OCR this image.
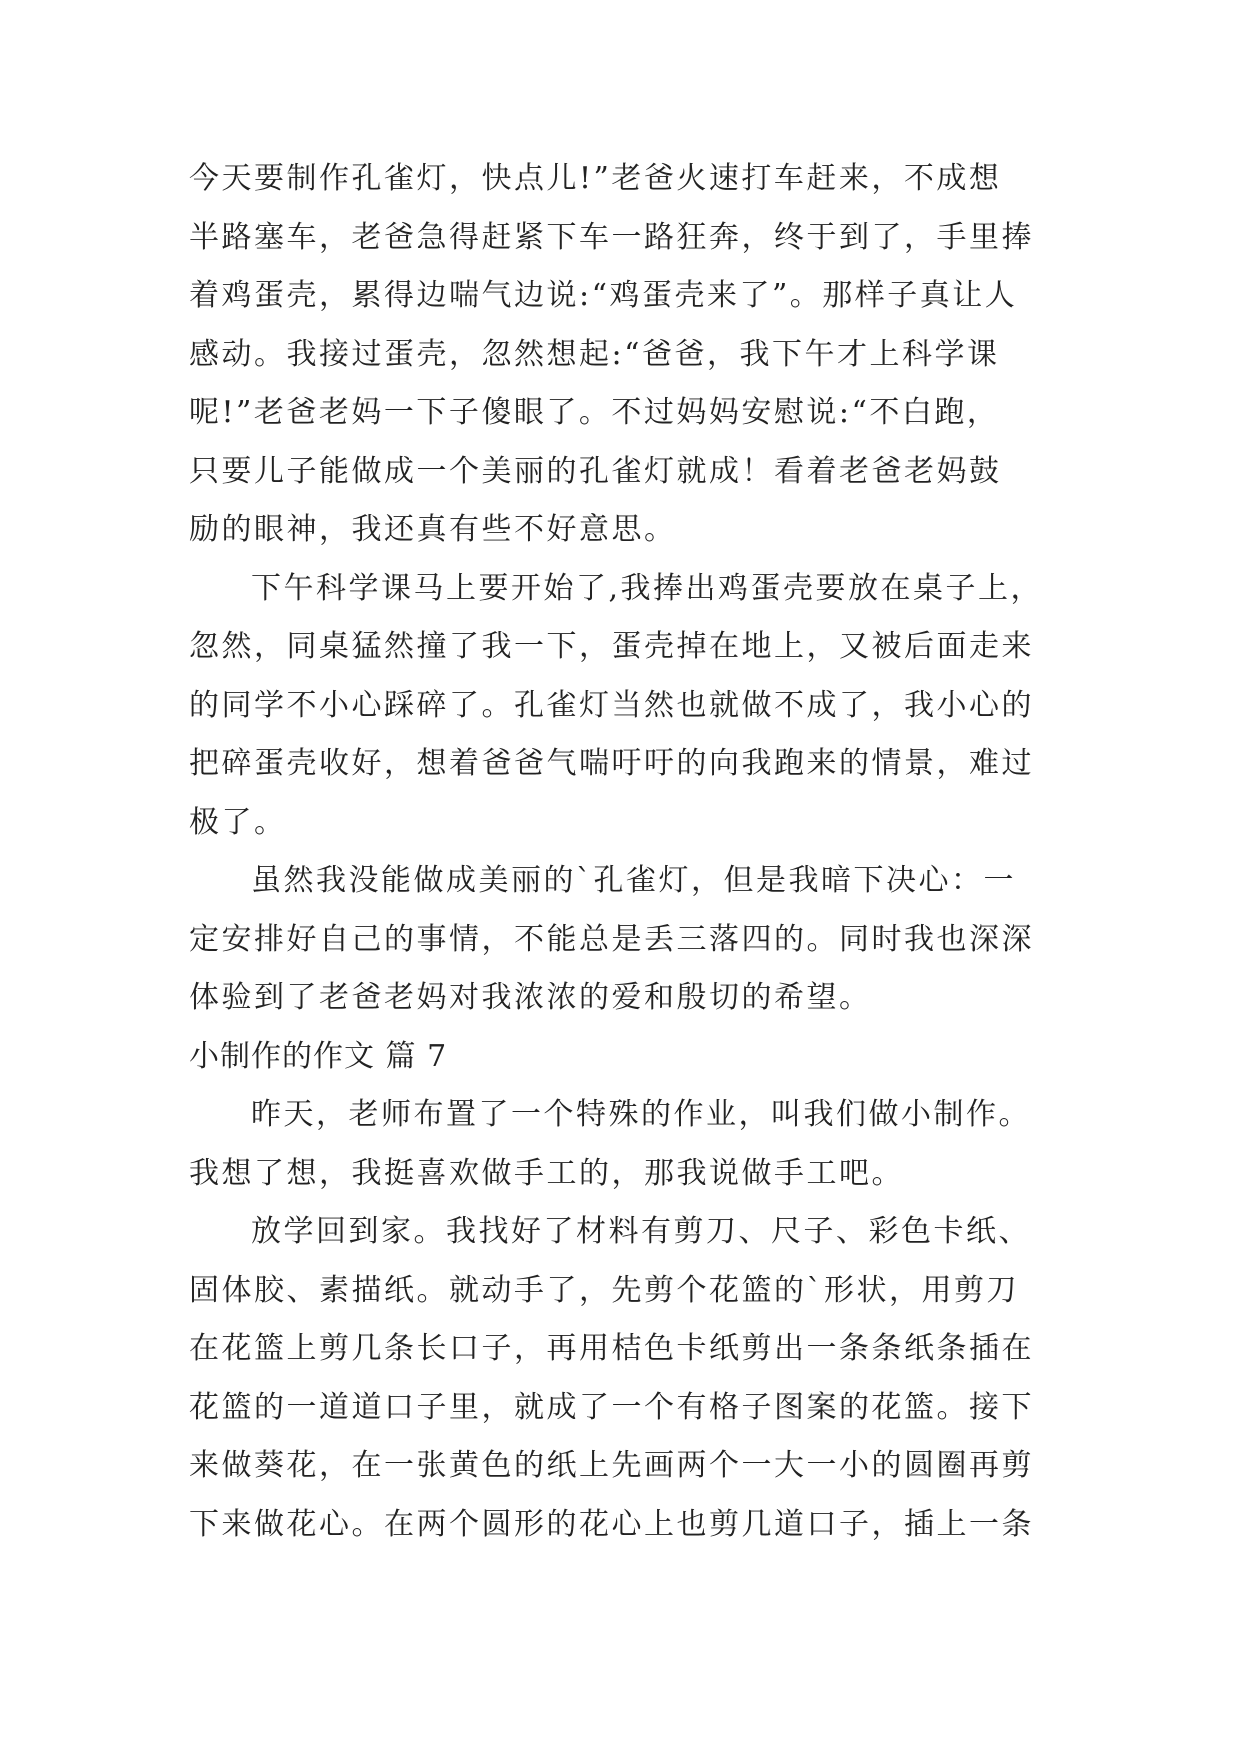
今天要制作孔雀灯，快点儿!”老爸火速打车赶来，不成想
半路塞车，老爸急得赶紧下车一路狂奔，终于到了，手里捧
着鸡蛋壳，累得边喘气边说:“鸡蛋壳来了”。那样子真让人
感动。我接过蛋壳，忽然想起:“爸爸，我下午才上科学课
呢!”老爸老妈一下子傻眼了。不过妈妈安慰说:“不白跑，
只要儿子能做成一个美丽的孔雀灯就成！看着老爸老妈鼓
励的眼神，我还真有些不好意思。
下午科学课马上要开始了,我捧出鸡蛋壳要放在桌子上，
忽然，同桌猛然撞了我一下，蛋壳掉在地上，又被后面走来
的同学不小心踩碎了。孔雀灯当然也就做不成了，我小心的
把碎蛋壳收好，想着爸爸气喘吁吁的向我跑来的情景，难过
极了。
虽然我没能做成美丽的`孔雀灯，但是我暗下决心：一
定安排好自己的事情，不能总是丢三落四的。同时我也深深
体验到了老爸老妈对我浓浓的爱和殷切的希望。
小制作的作文 篇 7
昨天，老师布置了一个特殊的作业，叫我们做小制作。
我想了想，我挺喜欢做手工的，那我说做手工吧。
放学回到家。我找好了材料有剪刀、尺子、彩色卡纸、
固体胶、素描纸。就动手了，先剪个花篮的`形状，用剪刀
在花篮上剪几条长口子，再用桔色卡纸剪出一条条纸条插在
花篮的一道道口子里，就成了一个有格子图案的花篮。接下
来做葵花，在一张黄色的纸上先画两个一大一小的圆圈再剪
下来做花心。在两个圆形的花心上也剪几道口子，插上一条
